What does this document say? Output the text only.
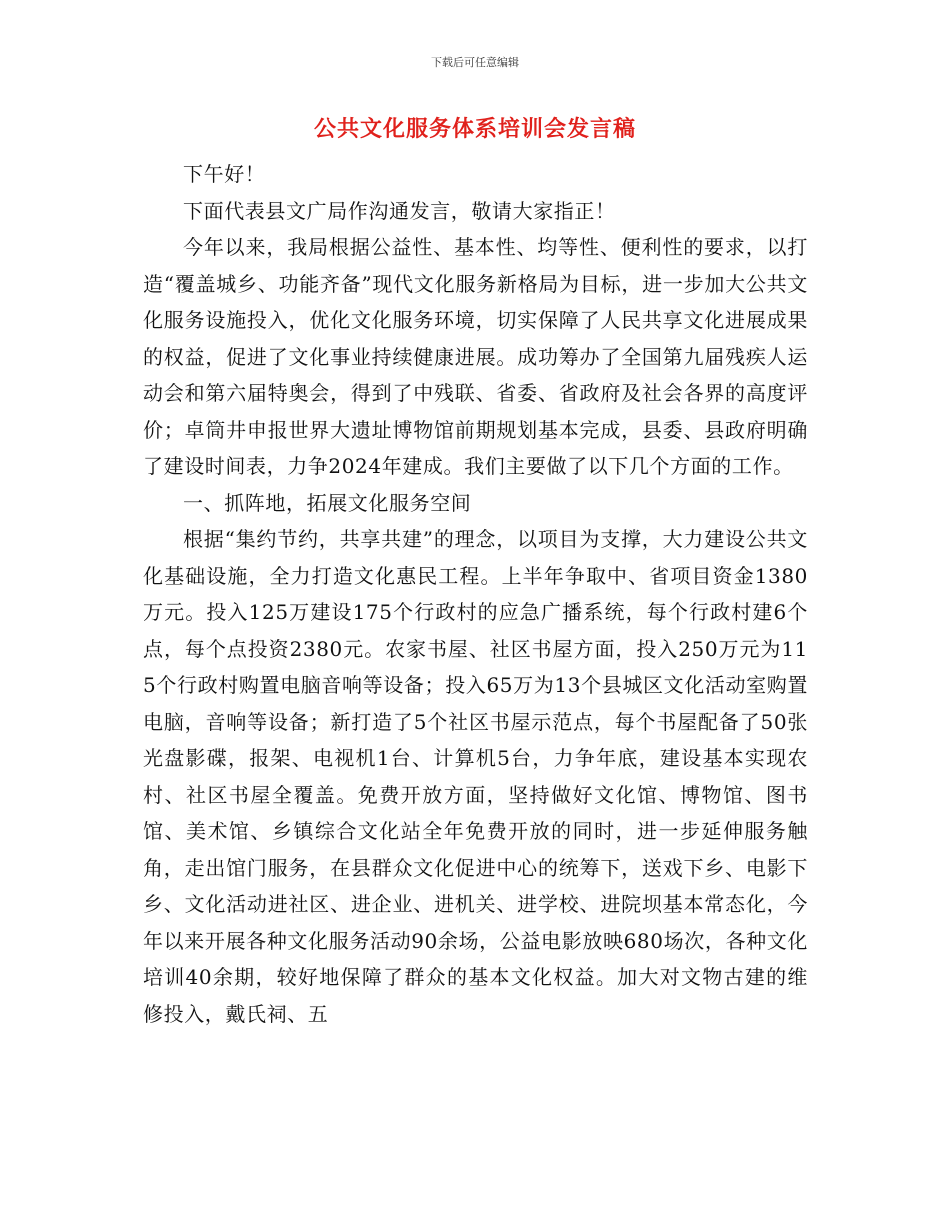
下载后可任意编辑
公共文化服务体系培训会发言稿

下午好！

下面代表县文广局作沟通发言，敬请大家指正！

今年以来，我局根据公益性、基本性、均等性、便利性的要求，以打造“覆盖城乡、功能齐备”现代文化服务新格局为目标，进一步加大公共文化服务设施投入，优化文化服务环境，切实保障了人民共享文化进展成果的权益，促进了文化事业持续健康进展。成功筹办了全国第九届残疾人运动会和第六届特奥会，得到了中残联、省委、省政府及社会各界的高度评价；卓筒井申报世界大遗址博物馆前期规划基本完成，县委、县政府明确了建设时间表，力争2024年建成。我们主要做了以下几个方面的工作。

一、抓阵地，拓展文化服务空间

根据“集约节约，共享共建”的理念，以项目为支撑，大力建设公共文化基础设施，全力打造文化惠民工程。上半年争取中、省项目资金1380万元。投入125万建设175个行政村的应急广播系统，每个行政村建6个点，每个点投资2380元。农家书屋、社区书屋方面，投入250万元为115个行政村购置电脑音响等设备；投入65万为13个县城区文化活动室购置电脑，音响等设备；新打造了5个社区书屋示范点，每个书屋配备了50张光盘影碟，报架、电视机1台、计算机5台，力争年底，建设基本实现农村、社区书屋全覆盖。免费开放方面，坚持做好文化馆、博物馆、图书馆、美术馆、乡镇综合文化站全年免费开放的同时，进一步延伸服务触角，走出馆门服务，在县群众文化促进中心的统筹下，送戏下乡、电影下乡、文化活动进社区、进企业、进机关、进学校、进院坝基本常态化，今年以来开展各种文化服务活动90余场，公益电影放映680场次，各种文化培训40余期，较好地保障了群众的基本文化权益。加大对文物古建的维修投入，戴氏祠、五
